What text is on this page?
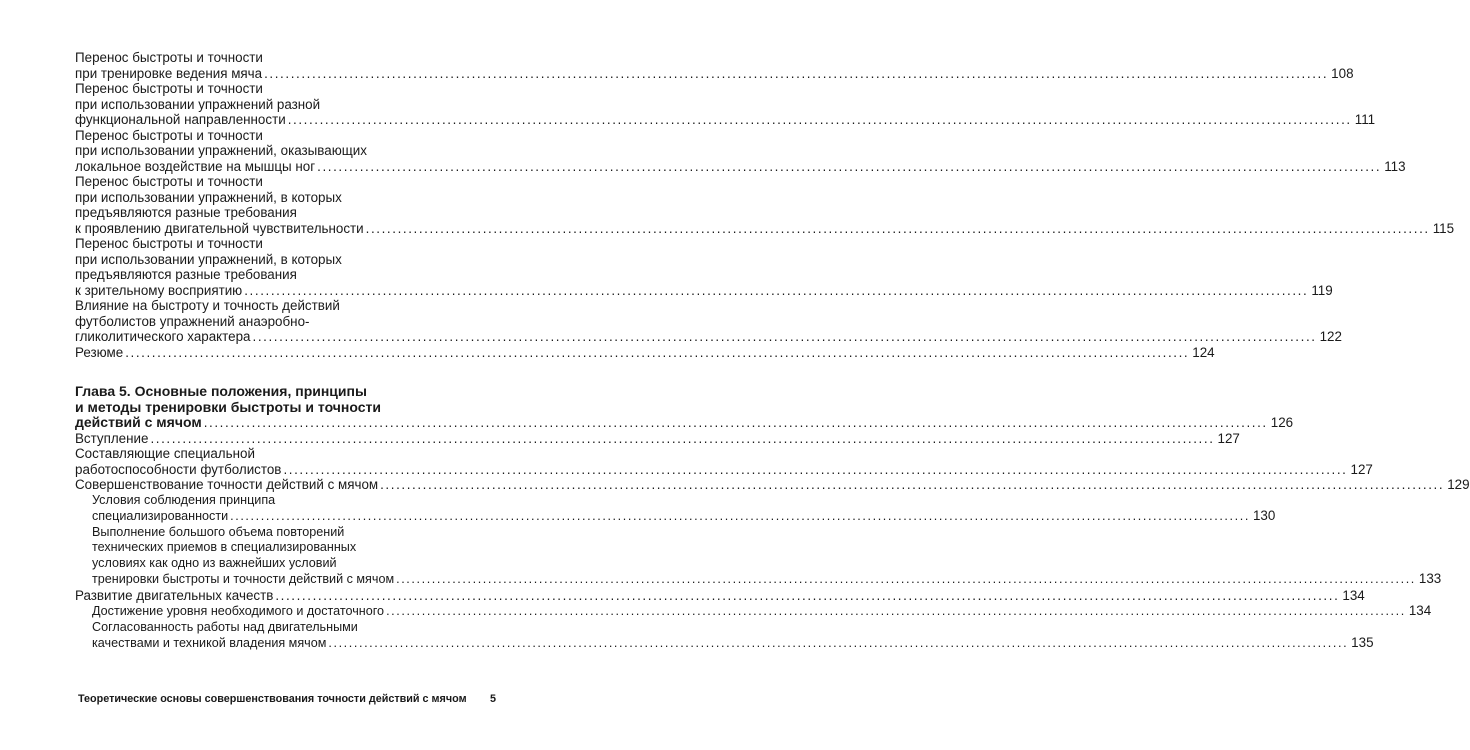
Перенос быстроты и точности
при тренировке ведения мяча ........................................................................................................................................................................................................ 108
Перенос быстроты и точности
при использовании упражнений разной
функциональной направленности ........................................................................................................................................................................................................ 111
Перенос быстроты и точности
при использовании упражнений, оказывающих
локальное воздействие на мышцы ног ........................................................................................................................................................................................................ 113
Перенос быстроты и точности
при использовании упражнений, в которых
предъявляются разные требования
к проявлению двигательной чувствительности ........................................................................................................................................................................................................ 115
Перенос быстроты и точности
при использовании упражнений, в которых
предъявляются разные требования
к зрительному восприятию ........................................................................................................................................................................................................ 119
Влияние на быстроту и точность действий
футболистов упражнений анаэробно-
гликолитического характера ........................................................................................................................................................................................................ 122
Резюме ........................................................................................................................................................................................................ 124
Глава 5. Основные положения, принципы
и методы тренировки быстроты и точности
действий с мячом ........................................................................................................................................................................................................ 126
Вступление ........................................................................................................................................................................................................ 127
Составляющие специальной
работоспособности футболистов ........................................................................................................................................................................................................ 127
Совершенствование точности действий с мячом ........................................................................................................................................................................................................ 129
Условия соблюдения принципа
специализированности ........................................................................................................................................................................................................ 130
Выполнение большого объема повторений
технических приемов в специализированных
условиях как одно из важнейших условий
тренировки быстроты и точности действий с мячом ........................................................................................................................................................................................................ 133
Развитие двигательных качеств ........................................................................................................................................................................................................ 134
Достижение уровня необходимого и достаточного ........................................................................................................................................................................................................ 134
Согласованность работы над двигательными
качествами и техникой владения мячом ........................................................................................................................................................................................................ 135
Теоретические основы совершенствования точности действий с мячом 5
